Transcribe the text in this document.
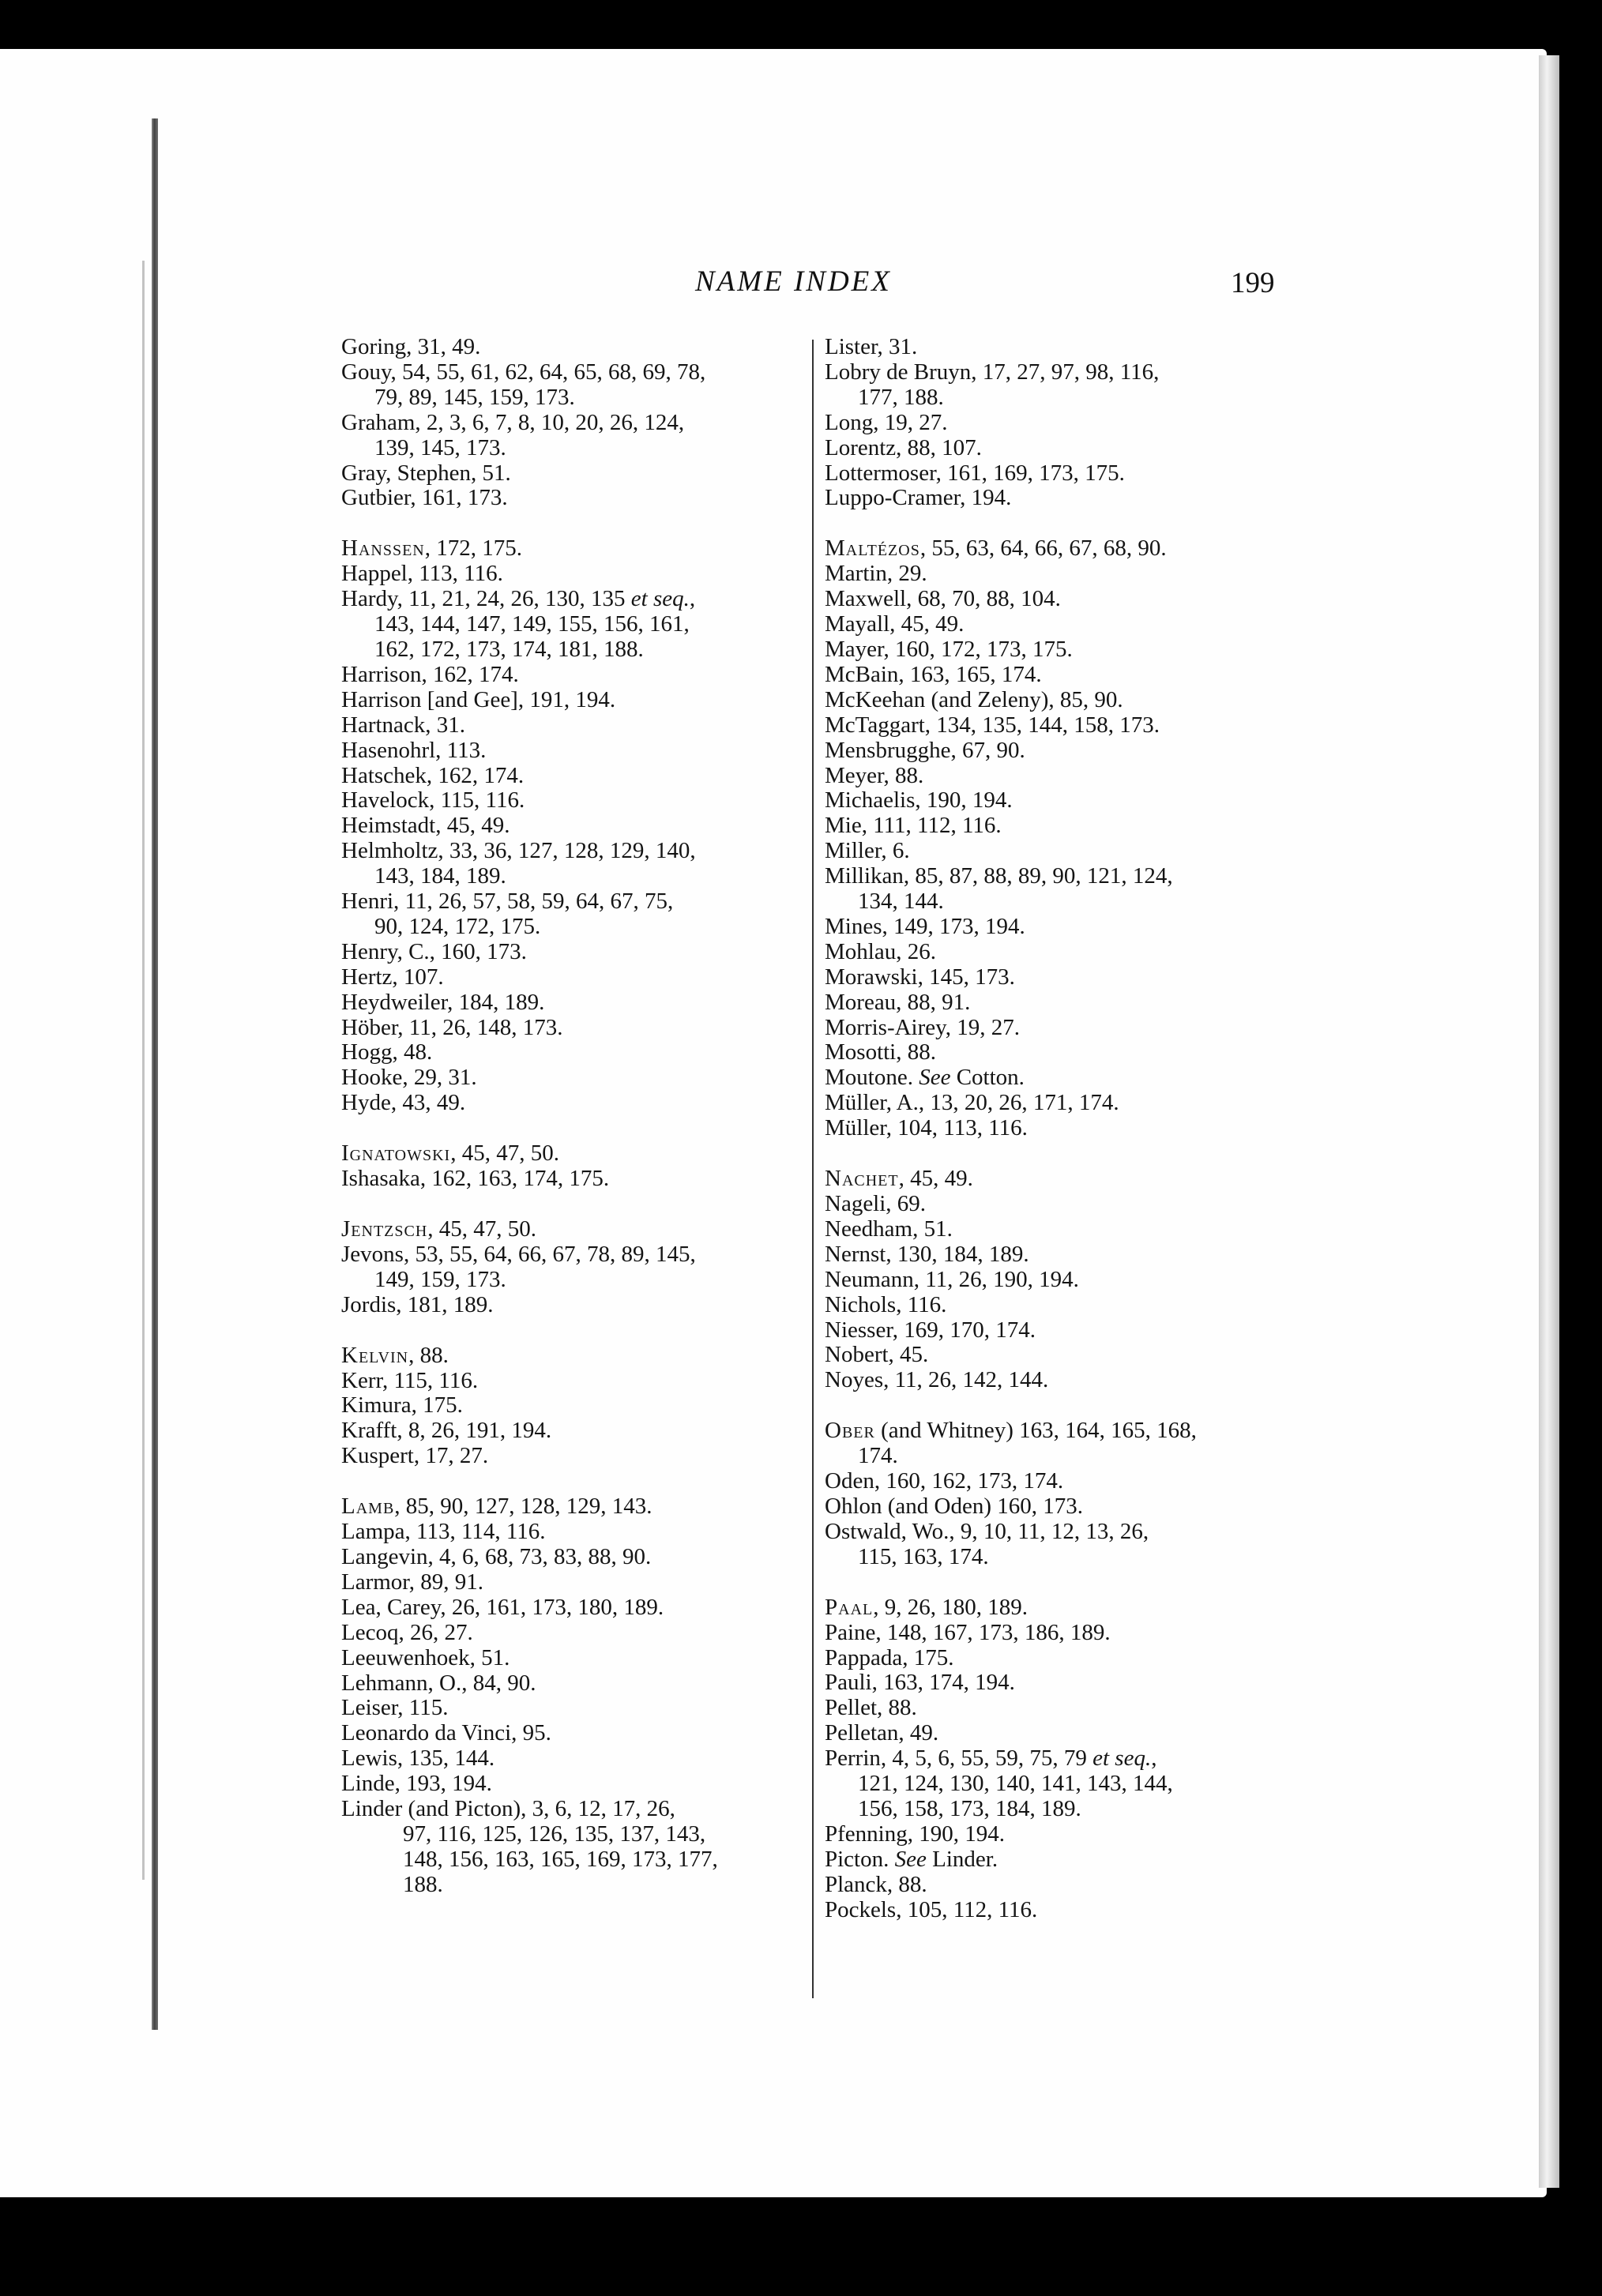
NAME INDEX	199
Goring, 31, 49.
Gouy, 54, 55, 61, 62, 64, 65, 68, 69, 78,
79, 89, 145, 159, 173.
Graham, 2, 3, 6, 7, 8, 10, 20, 26, 124,
139, 145, 173.
Gray, Stephen, 51.
Gutbier, 161, 173.
Hanssen, 172, 175.
Happel, 113, 116.
Hardy, 11, 21, 24, 26, 130, 135 et seq.,
143, 144, 147, 149, 155, 156, 161,
162, 172, 173, 174, 181, 188.
Harrison, 162, 174.
Harrison [and Gee], 191, 194.
Hartnack, 31.
Hasenohrl, 113.
Hatschek, 162, 174.
Havelock, 115, 116.
Heimstadt, 45, 49.
Helmholtz, 33, 36, 127, 128, 129, 140,
143, 184, 189.
Henri, 11, 26, 57, 58, 59, 64, 67, 75,
90, 124, 172, 175.
Henry, C., 160, 173.
Hertz, 107.
Heydweiler, 184, 189.
Höber, 11, 26, 148, 173.
Hogg, 48.
Hooke, 29, 31.
Hyde, 43, 49.
Ignatowski, 45, 47, 50.
Ishasaka, 162, 163, 174, 175.
Jentzsch, 45, 47, 50.
Jevons, 53, 55, 64, 66, 67, 78, 89, 145,
149, 159, 173.
Jordis, 181, 189.
Kelvin, 88.
Kerr, 115, 116.
Kimura, 175.
Krafft, 8, 26, 191, 194.
Kuspert, 17, 27.
Lamb, 85, 90, 127, 128, 129, 143.
Lampa, 113, 114, 116.
Langevin, 4, 6, 68, 73, 83, 88, 90.
Larmor, 89, 91.
Lea, Carey, 26, 161, 173, 180, 189.
Lecoq, 26, 27.
Leeuwenhoek, 51.
Lehmann, O., 84, 90.
Leiser, 115.
Leonardo da Vinci, 95.
Lewis, 135, 144.
Linde, 193, 194.
Linder (and Picton), 3, 6, 12, 17, 26,
97, 116, 125, 126, 135, 137, 143,
148, 156, 163, 165, 169, 173, 177,
188.
Lister, 31.
Lobry de Bruyn, 17, 27, 97, 98, 116,
177, 188.
Long, 19, 27.
Lorentz, 88, 107.
Lottermoser, 161, 169, 173, 175.
Luppo-Cramer, 194.
Maltézos, 55, 63, 64, 66, 67, 68, 90.
Martin, 29.
Maxwell, 68, 70, 88, 104.
Mayall, 45, 49.
Mayer, 160, 172, 173, 175.
McBain, 163, 165, 174.
McKeehan (and Zeleny), 85, 90.
McTaggart, 134, 135, 144, 158, 173.
Mensbrugghe, 67, 90.
Meyer, 88.
Michaelis, 190, 194.
Mie, 111, 112, 116.
Miller, 6.
Millikan, 85, 87, 88, 89, 90, 121, 124,
134, 144.
Mines, 149, 173, 194.
Mohlau, 26.
Morawski, 145, 173.
Moreau, 88, 91.
Morris-Airey, 19, 27.
Mosotti, 88.
Moutone. See Cotton.
Müller, A., 13, 20, 26, 171, 174.
Müller, 104, 113, 116.
Nachet, 45, 49.
Nageli, 69.
Needham, 51.
Nernst, 130, 184, 189.
Neumann, 11, 26, 190, 194.
Nichols, 116.
Niesser, 169, 170, 174.
Nobert, 45.
Noyes, 11, 26, 142, 144.
Ober (and Whitney) 163, 164, 165, 168,
174.
Oden, 160, 162, 173, 174.
Ohlon (and Oden) 160, 173.
Ostwald, Wo., 9, 10, 11, 12, 13, 26,
115, 163, 174.
Paal, 9, 26, 180, 189.
Paine, 148, 167, 173, 186, 189.
Pappada, 175.
Pauli, 163, 174, 194.
Pellet, 88.
Pelletan, 49.
Perrin, 4, 5, 6, 55, 59, 75, 79 et seq.,
121, 124, 130, 140, 141, 143, 144,
156, 158, 173, 184, 189.
Pfenning, 190, 194.
Picton. See Linder.
Planck, 88.
Pockels, 105, 112, 116.
